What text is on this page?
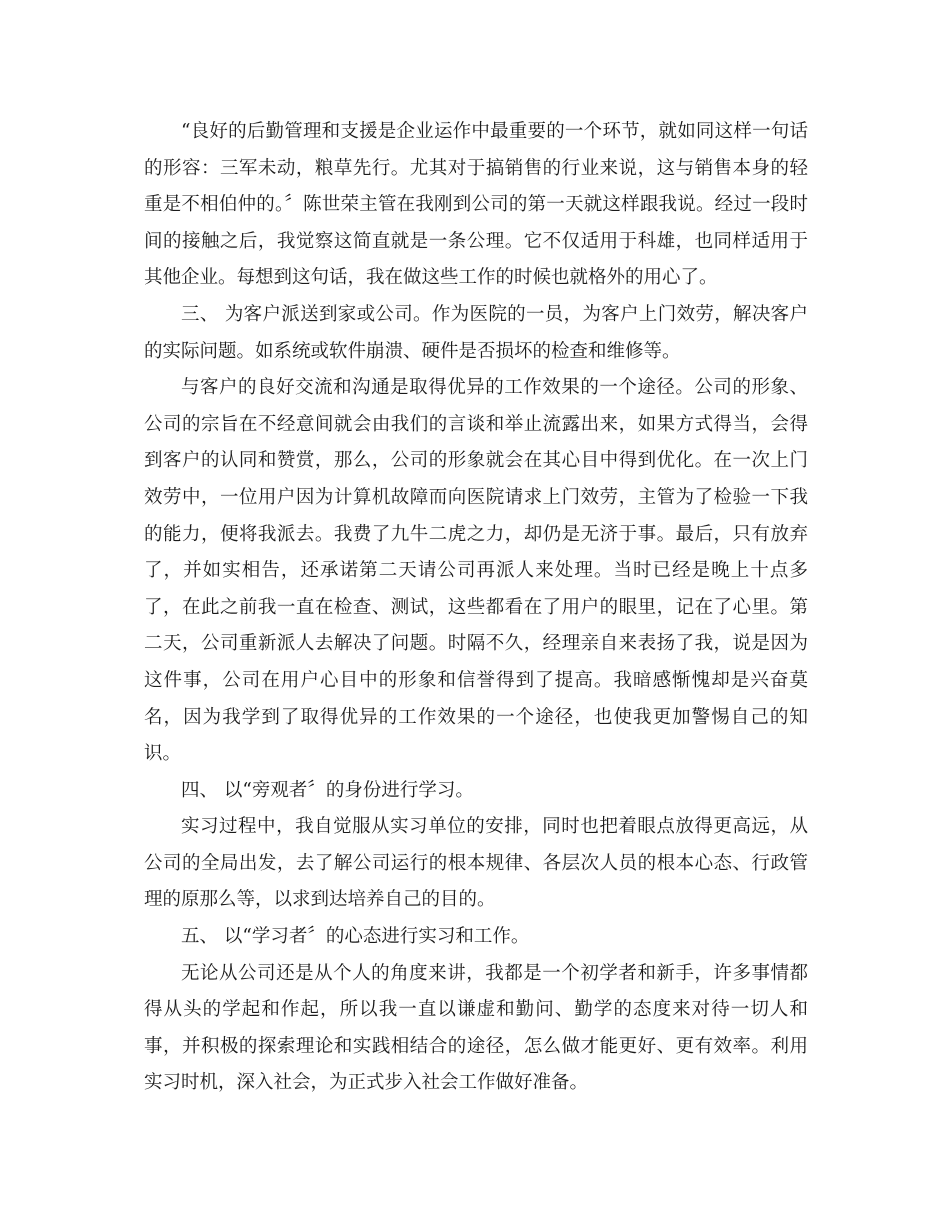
“良好的后勤管理和支援是企业运作中最重要的一个环节，就如同这样一句话的形容：三军未动，粮草先行。尤其对于搞销售的行业来说，这与销售本身的轻重是不相伯仲的。〞陈世荣主管在我刚到公司的第一天就这样跟我说。经过一段时间的接触之后，我觉察这简直就是一条公理。它不仅适用于科雄，也同样适用于其他企业。每想到这句话，我在做这些工作的时候也就格外的用心了。

三、 为客户派送到家或公司。作为医院的一员，为客户上门效劳，解决客户的实际问题。如系统或软件崩溃、硬件是否损坏的检查和维修等。

与客户的良好交流和沟通是取得优异的工作效果的一个途径。公司的形象、公司的宗旨在不经意间就会由我们的言谈和举止流露出来，如果方式得当，会得到客户的认同和赞赏，那么，公司的形象就会在其心目中得到优化。在一次上门效劳中，一位用户因为计算机故障而向医院请求上门效劳，主管为了检验一下我的能力，便将我派去。我费了九牛二虎之力，却仍是无济于事。最后，只有放弃了，并如实相告，还承诺第二天请公司再派人来处理。当时已经是晚上十点多了，在此之前我一直在检查、测试，这些都看在了用户的眼里，记在了心里。第二天，公司重新派人去解决了问题。时隔不久，经理亲自来表扬了我，说是因为这件事，公司在用户心目中的形象和信誉得到了提高。我暗感惭愧却是兴奋莫名，因为我学到了取得优异的工作效果的一个途径，也使我更加警惕自己的知识。

四、 以“旁观者〞的身份进行学习。

实习过程中，我自觉服从实习单位的安排，同时也把着眼点放得更高远，从公司的全局出发，去了解公司运行的根本规律、各层次人员的根本心态、行政管理的原那么等，以求到达培养自己的目的。

五、 以“学习者〞的心态进行实习和工作。

无论从公司还是从个人的角度来讲，我都是一个初学者和新手，许多事情都得从头的学起和作起，所以我一直以谦虚和勤问、勤学的态度来对待一切人和事，并积极的探索理论和实践相结合的途径，怎么做才能更好、更有效率。利用实习时机，深入社会，为正式步入社会工作做好准备。
